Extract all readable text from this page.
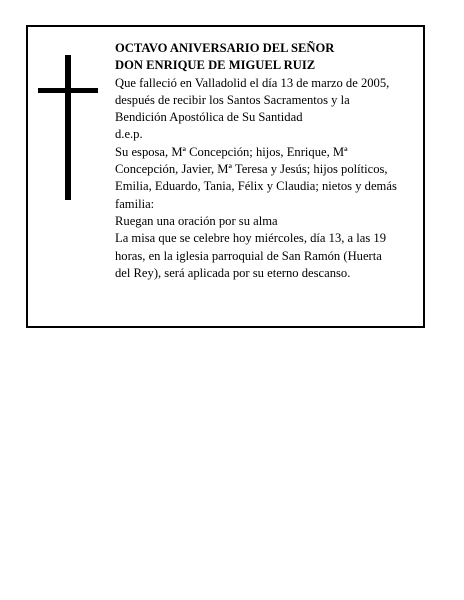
OCTAVO ANIVERSARIO DEL SEÑOR
DON ENRIQUE DE MIGUEL RUIZ
Que falleció en Valladolid el día 13 de marzo de 2005,
después de recibir los Santos Sacramentos y la
Bendición Apostólica de Su Santidad
d.e.p.
Su esposa, Mª Concepción; hijos, Enrique, Mª
Concepción, Javier, Mª Teresa y Jesús; hijos políticos,
Emilia, Eduardo, Tania, Félix y Claudia; nietos y demás
familia:
Ruegan una oración por su alma
La misa que se celebre hoy miércoles, día 13, a las 19
horas, en la iglesia parroquial de San Ramón (Huerta
del Rey), será aplicada por su eterno descanso.
